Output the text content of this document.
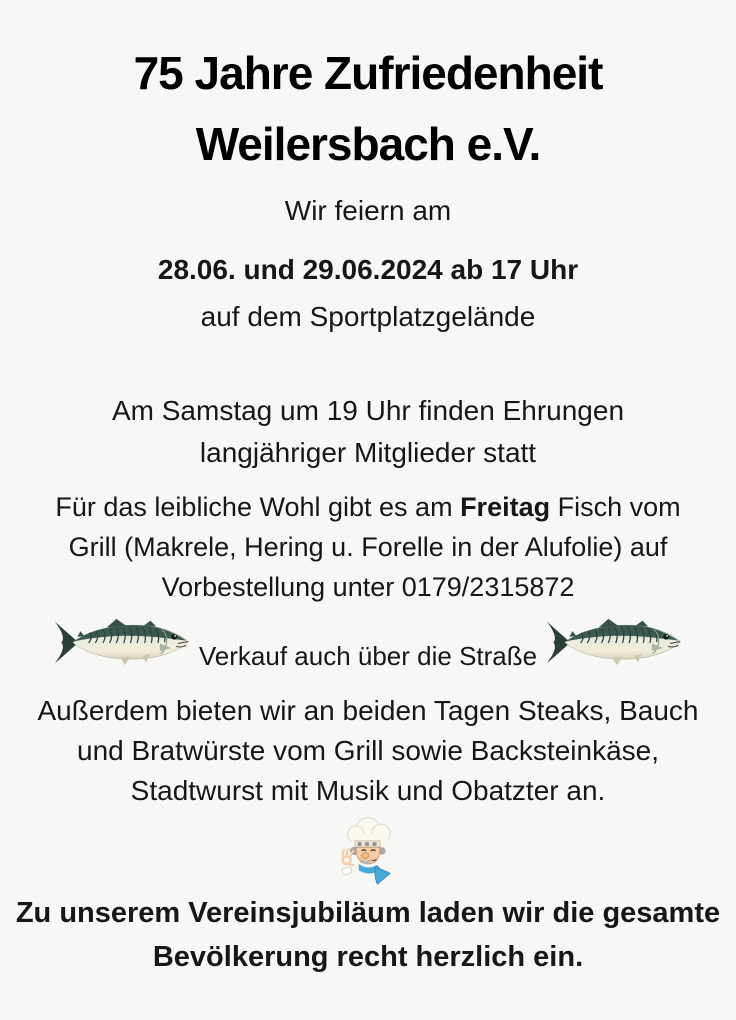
75 Jahre Zufriedenheit
Weilersbach e.V.
Wir feiern am
28.06. und 29.06.2024 ab 17 Uhr
auf dem Sportplatzgelände
Am Samstag um 19 Uhr finden Ehrungen
langjähriger Mitglieder statt
Für das leibliche Wohl gibt es am Freitag Fisch vom
Grill (Makrele, Hering u. Forelle in der Alufolie) auf
Vorbestellung unter 0179/2315872
Verkauf auch über die Straße
Außerdem bieten wir an beiden Tagen Steaks, Bauch
und Bratwürste vom Grill sowie Backsteinkäse,
Stadtwurst mit Musik und Obatzter an.
Zu unserem Vereinsjubiläum laden wir die gesamte
Bevölkerung recht herzlich ein.
